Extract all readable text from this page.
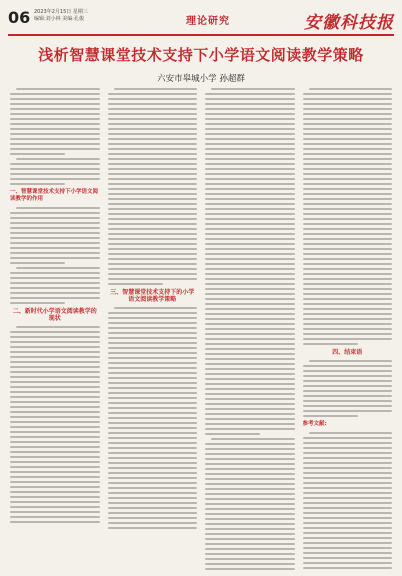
06 2023年2月15日 星期三
编辑:刘小林 美编:孔俊	理论研究	安徽科技报
浅析智慧课堂技术支持下小学语文阅读教学策略
六安市皋城小学 孙超群
一、智慧课堂技术支持下小学语文阅读教学的作用
二、新时代小学语文阅读教学的现状
三、智慧课堂技术支持下的小学语文阅读教学策略
四、结束语
参考文献:
